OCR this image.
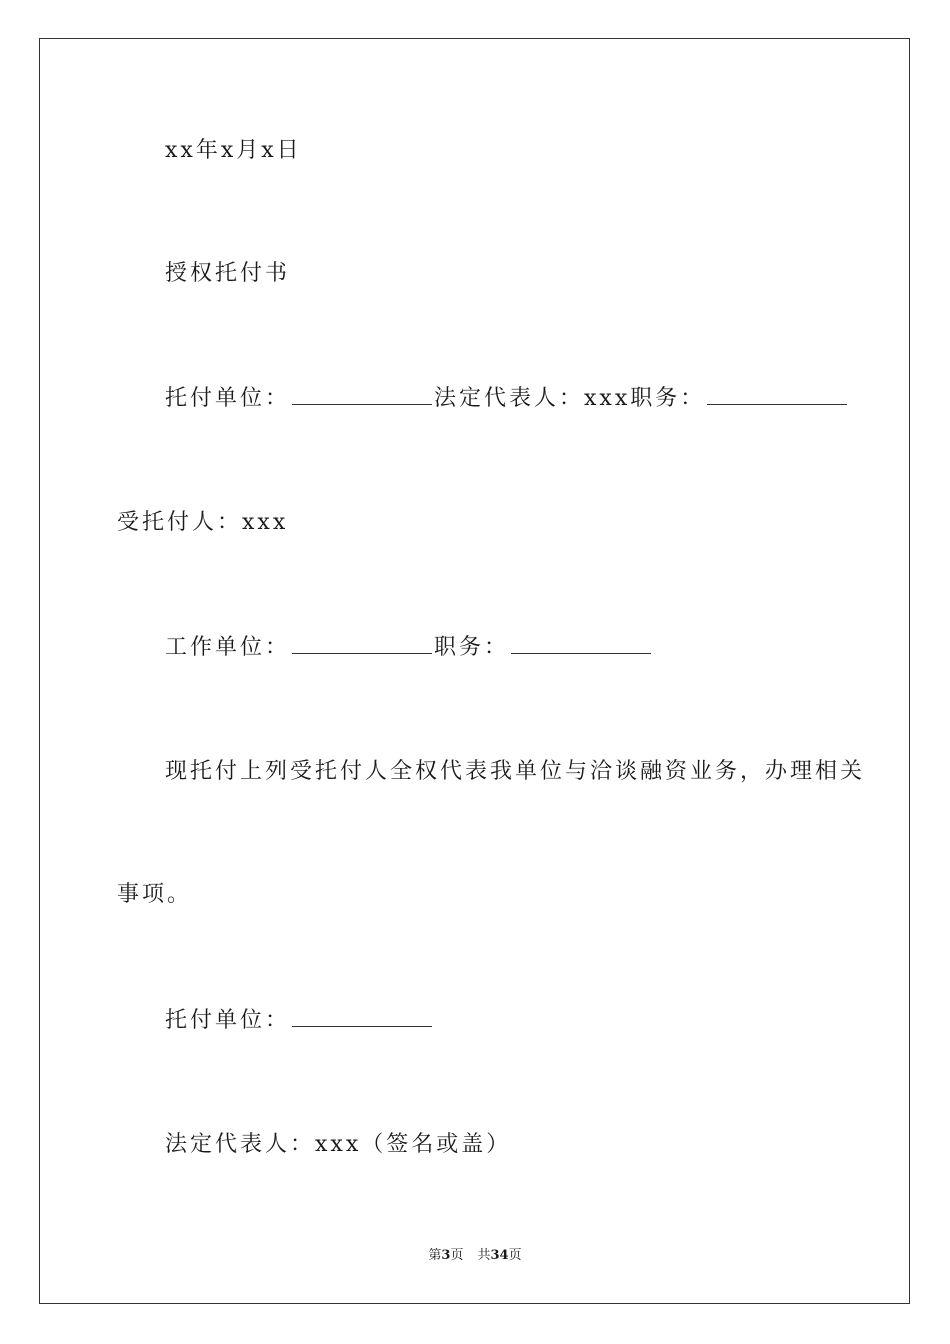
xx年x月x日
授权托付书
托付单位：	法定代表人：xxx职务：
受托付人：xxx
工作单位：	职务：
现托付上列受托付人全权代表我单位与洽谈融资业务，办理相关
事项。
托付单位：
法定代表人：xxx（签名或盖）
第3页 共34页
